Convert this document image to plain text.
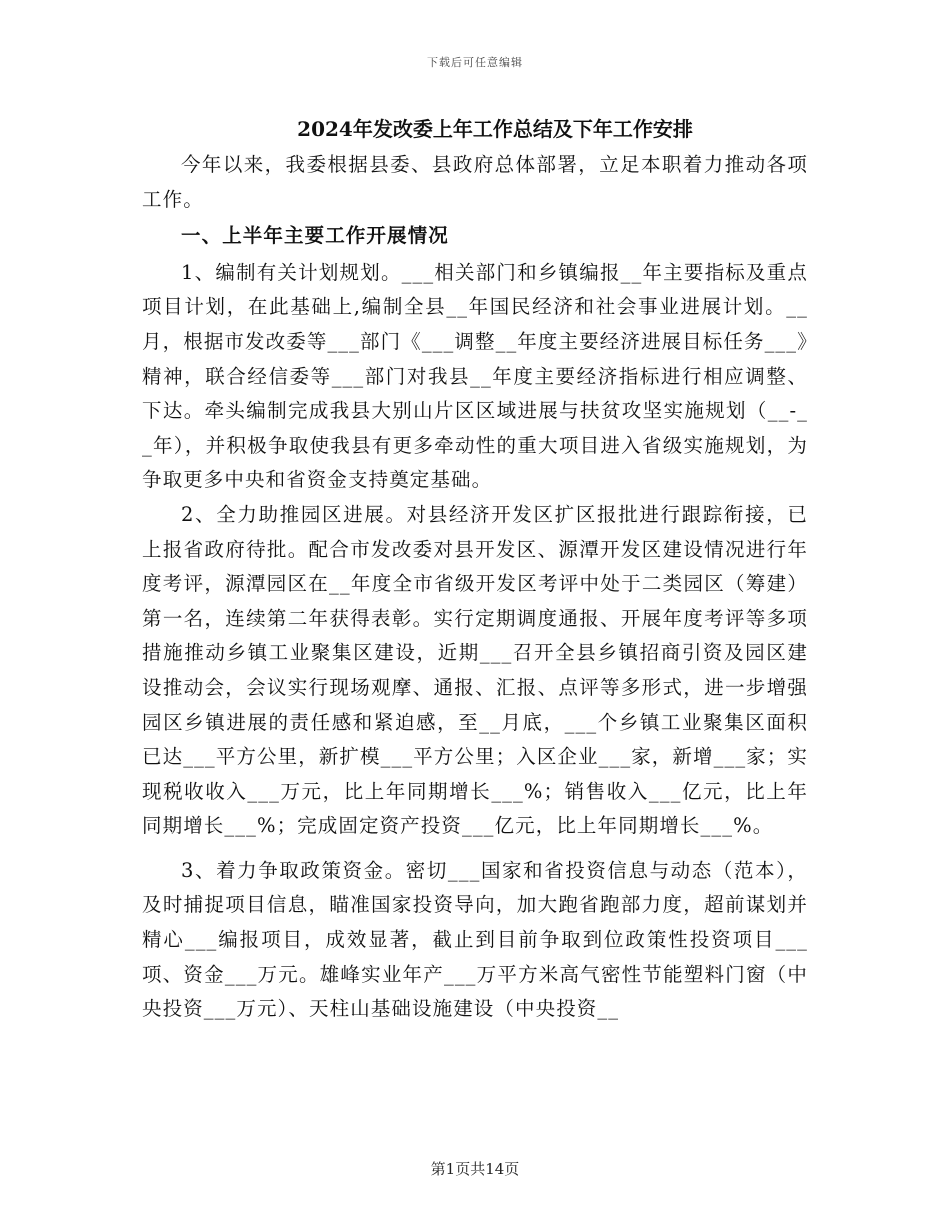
下载后可任意编辑
2024年发改委上年工作总结及下年工作安排

今年以来，我委根据县委、县政府总体部署，立足本职着力推动各项工作。

一、上半年主要工作开展情况

1、编制有关计划规划。___相关部门和乡镇编报__年主要指标及重点项目计划，在此基础上,编制全县__年国民经济和社会事业进展计划。__月，根据市发改委等___部门《___调整__年度主要经济进展目标任务___》精神，联合经信委等___部门对我县__年度主要经济指标进行相应调整、下达。牵头编制完成我县大别山片区区域进展与扶贫攻坚实施规划（__-__年），并积极争取使我县有更多牵动性的重大项目进入省级实施规划，为争取更多中央和省资金支持奠定基础。

2、全力助推园区进展。对县经济开发区扩区报批进行跟踪衔接，已上报省政府待批。配合市发改委对县开发区、源潭开发区建设情况进行年度考评，源潭园区在__年度全市省级开发区考评中处于二类园区（筹建）第一名，连续第二年获得表彰。实行定期调度通报、开展年度考评等多项措施推动乡镇工业聚集区建设，近期___召开全县乡镇招商引资及园区建设推动会，会议实行现场观摩、通报、汇报、点评等多形式，进一步增强园区乡镇进展的责任感和紧迫感，至__月底，___个乡镇工业聚集区面积已达___平方公里，新扩模___平方公里；入区企业___家，新增___家；实现税收收入___万元，比上年同期增长___%；销售收入___亿元，比上年同期增长___%；完成固定资产投资___亿元，比上年同期增长___%。

3、着力争取政策资金。密切___国家和省投资信息与动态（范本），及时捕捉项目信息，瞄准国家投资导向，加大跑省跑部力度，超前谋划并精心___编报项目，成效显著，截止到目前争取到位政策性投资项目___项、资金___万元。雄峰实业年产___万平方米高气密性节能塑料门窗（中央投资___万元）、天柱山基础设施建设（中央投资__

第1页共14页
